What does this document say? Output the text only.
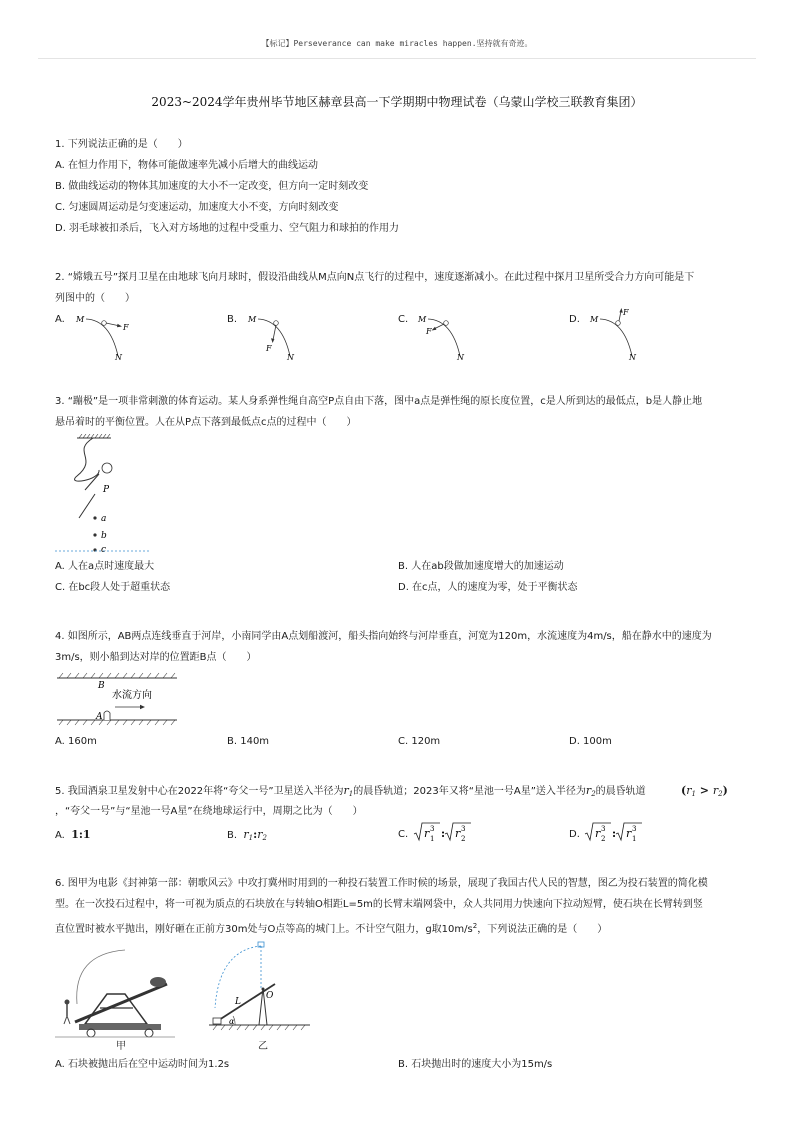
【标记】Perseverance can make miracles happen.坚持就有奇迹。
2023~2024学年贵州毕节地区赫章县高一下学期期中物理试卷（乌蒙山学校三联教育集团）
1. 下列说法正确的是（　　）
A. 在恒力作用下，物体可能做速率先减小后增大的曲线运动
B. 做曲线运动的物体其加速度的大小不一定改变，但方向一定时刻改变
C. 匀速圆周运动是匀变速运动，加速度大小不变，方向时刻改变
D. 羽毛球被扣杀后，飞入对方场地的过程中受重力、空气阻力和球拍的作用力
2. “嫦娥五号”探月卫星在由地球飞向月球时，假设沿曲线从M点向N点飞行的过程中，速度逐渐减小。在此过程中探月卫星所受合力方向可能是下
列图中的（　　）
A. M
N
F
B. M
N
F
C. M
N
F
D. M
N
F
3. “蹦极”是一项非常刺激的体育运动。某人身系弹性绳自高空P点自由下落，图中a点是弹性绳的原长度位置，c是人所到达的最低点，b是人静止地
悬吊着时的平衡位置。人在从P点下落到最低点c点的过程中（　　）
P
a
b
c
A. 人在a点时速度最大	B. 人在ab段做加速度增大的加速运动
C. 在bc段人处于超重状态	D. 在c点，人的速度为零，处于平衡状态
4. 如图所示，AB两点连线垂直于河岸，小南同学由A点划船渡河，船头指向始终与河岸垂直，河宽为120m，水流速度为4m/s，船在静水中的速度为
3m/s，则小船到达对岸的位置距B点（　　）
B
A
水流方向
A. 160m	B. 140m	C. 120m	D. 100m
5. 我国酒泉卫星发射中心在2022年将“夸父一号”卫星送入半径为$r_1$的晨昏轨道；2023年又将“星池一号A星”送入半径为$r_2$的晨昏轨道	$(r_1 > r_2)$
，“夸父一号”与“星池一号A星”在绕地球运行中，周期之比为（　　）
A. 1:1	B. $r_1:r_2$	C. r 3
1 : r 3
2	D. r 3
2 : r 3
1
6. 图甲为电影《封神第一部：朝歌风云》中攻打冀州时用到的一种投石装置工作时候的场景，展现了我国古代人民的智慧，图乙为投石装置的简化模
型。在一次投石过程中，将一可视为质点的石块放在与转轴O相距L=5m的长臂末端网袋中，众人共同用力快速向下拉动短臂，使石块在长臂转到竖
直位置时被水平抛出，刚好砸在正前方30m处与O点等高的城门上。不计空气阻力，g取$10m/s^2$，下列说法正确的是（　　）
甲
L
O
α
乙
A. 石块被抛出后在空中运动时间为1.2s	B. 石块抛出时的速度大小为15m/s
